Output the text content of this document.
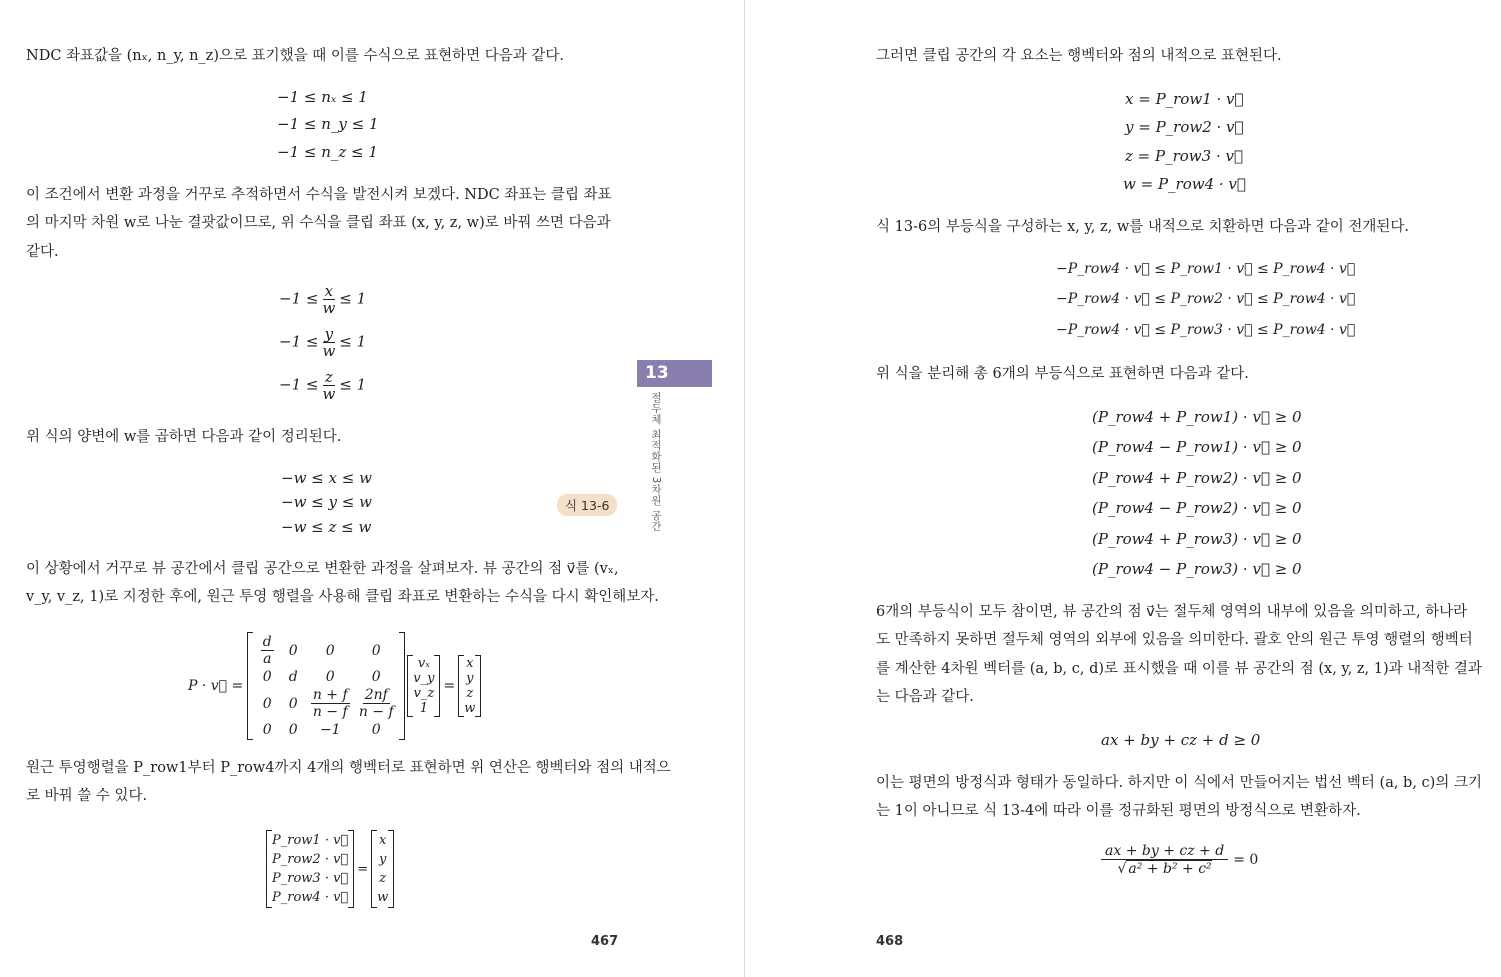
NDC 좌표값을 (nₓ, n_y, n_z)으로 표기했을 때 이를 수식으로 표현하면 다음과 같다.
−1 ≤ nₓ ≤ 1
−1 ≤ n_y ≤ 1
−1 ≤ n_z ≤ 1
이 조건에서 변환 과정을 거꾸로 추적하면서 수식을 발전시켜 보겠다. NDC 좌표는 클립 좌표
의 마지막 차원 w로 나눈 결괏값이므로, 위 수식을 클립 좌표 (x, y, z, w)로 바꿔 쓰면 다음과
같다.
$-1 \le \frac{x}{w} \le 1$
$-1 \le \frac{y}{w} \le 1$
$-1 \le \frac{z}{w} \le 1$
위 식의 양변에 w를 곱하면 다음과 같이 정리된다.
−w ≤ x ≤ w
−w ≤ y ≤ w
−w ≤ z ≤ w
식 13-6
이 상황에서 거꾸로 뷰 공간에서 클립 공간으로 변환한 과정을 살펴보자. 뷰 공간의 점 v⃗를 (vₓ,
v_y, v_z, 1)로 지정한 후에, 원근 투영 행렬을 사용해 클립 좌표로 변환하는 수식을 다시 확인해보자.
P · v⃗ =
$\frac{d}{a} 0$ 0	0
0 d 0	0
0 $0 \frac{n + f}{n - f} \frac{2nf}{n - f}$
0 0 −1 0
vₓ
v_y
v_z
1
=
x
y
z
w
원근 투영행렬을 P_row1부터 P_row4까지 4개의 행벡터로 표현하면 위 연산은 행벡터와 점의 내적으
로 바꿔 쓸 수 있다.
P_row1 · v⃗
P_row2 · v⃗
P_row3 · v⃗
P_row4 · v⃗
=
x
y
z
w
467
13
절두체 최적화된 3차원 공간
그러면 클립 공간의 각 요소는 행벡터와 점의 내적으로 표현된다.
x = P_row1 · v⃗
y = P_row2 · v⃗
z = P_row3 · v⃗
w = P_row4 · v⃗
식 13-6의 부등식을 구성하는 x, y, z, w를 내적으로 치환하면 다음과 같이 전개된다.
−P_row4 · v⃗ ≤ P_row1 · v⃗ ≤ P_row4 · v⃗
−P_row4 · v⃗ ≤ P_row2 · v⃗ ≤ P_row4 · v⃗
−P_row4 · v⃗ ≤ P_row3 · v⃗ ≤ P_row4 · v⃗
위 식을 분리해 총 6개의 부등식으로 표현하면 다음과 같다.
(P_row4 + P_row1) · v⃗ ≥ 0
(P_row4 − P_row1) · v⃗ ≥ 0
(P_row4 + P_row2) · v⃗ ≥ 0
(P_row4 − P_row2) · v⃗ ≥ 0
(P_row4 + P_row3) · v⃗ ≥ 0
(P_row4 − P_row3) · v⃗ ≥ 0
6개의 부등식이 모두 참이면, 뷰 공간의 점 v⃗는 절두체 영역의 내부에 있음을 의미하고, 하나라
도 만족하지 못하면 절두체 영역의 외부에 있음을 의미한다. 괄호 안의 원근 투영 행렬의 행벡터
를 계산한 4차원 벡터를 (a, b, c, d)로 표시했을 때 이를 뷰 공간의 점 (x, y, z, 1)과 내적한 결과
는 다음과 같다.
ax + by + cz + d ≥ 0
이는 평면의 방정식과 형태가 동일하다. 하지만 이 식에서 만들어지는 법선 벡터 (a, b, c)의 크기
는 1이 아니므로 식 13-4에 따라 이를 정규화된 평면의 방정식으로 변환하자.
$\frac{ax + by + cz + d}{\text{√ a² + b² + c²}} = 0$
468
